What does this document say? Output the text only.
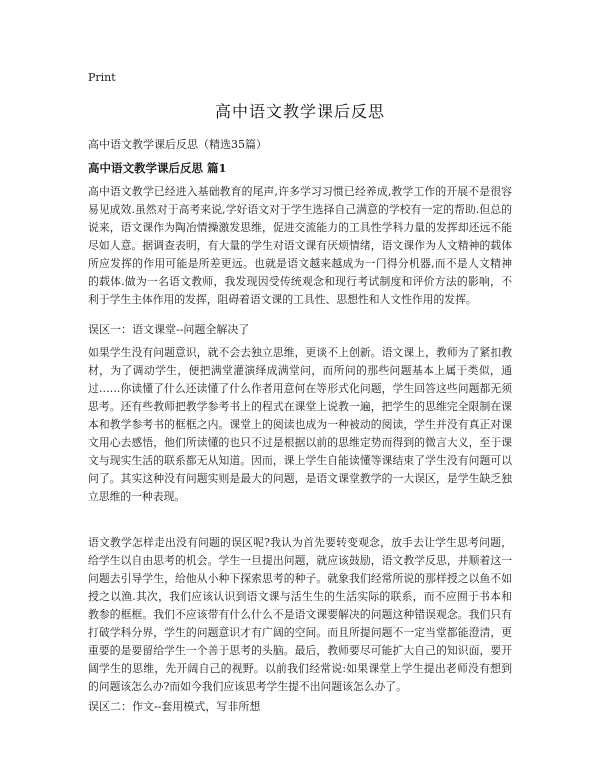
Print
高中语文教学课后反思
高中语文教学课后反思（精选35篇）
高中语文教学课后反思 篇1

高中语文教学已经进入基础教育的尾声,许多学习习惯已经养成,教学工作的开展不是很容易见成效.虽然对于高考来说,学好语文对于学生选择自己满意的学校有一定的帮助.但总的说来，语文课作为陶冶情操激发思维，促进交流能力的工具性学科力量的发挥却还远不能尽如人意。据调查表明，有大量的学生对语文课有厌烦情绪，语文课作为人文精神的载体所应发挥的作用可能是所差更远。也就是语文越来越成为一门得分机器,而不是人文精神的载体.做为一名语文教师，我发现因受传统观念和现行考试制度和评价方法的影响，不利于学生主体作用的发挥，阻碍着语文课的工具性、思想性和人文性作用的发挥。

误区一：语文课堂--问题全解决了

如果学生没有问题意识，就不会去独立思维，更谈不上创新。语文课上，教师为了紧扣教材，为了调动学生，便把满堂灌演绎成满堂问，而所问的那些问题基本上属于类似，通过……你读懂了什么还读懂了什么作者用意何在等形式化问题，学生回答这些问题都无须思考。还有些教师把教学参考书上的程式在课堂上说教一遍，把学生的思维完全限制在课本和教学参考书的框框之内。课堂上的阅读也成为一种被动的阅读，学生并没有真正对课文用心去感悟，他们所读懂的也只不过是根据以前的思维定势而得到的微言大义，至于课文与现实生活的联系都无从知道。因而，课上学生自能读懂等课结束了学生没有问题可以问了。其实这种没有问题实则是最大的问题，是语文课堂教学的一大误区，是学生缺乏独立思维的一种表现。

语文教学怎样走出没有问题的误区呢?我认为首先要转变观念，放手去让学生思考问题，给学生以自由思考的机会。学生一旦提出问题，就应该鼓励，语文教学反思，并顺着这一问题去引导学生，给他从小种下探索思考的种子。就象我们经常所说的那样授之以鱼不如授之以渔.其次，我们应该认识到语文课与活生生的生活实际的联系，而不应囿于书本和教参的框框。我们不应该带有什么什么不是语文课要解决的问题这种错误观念。我们只有打破学科分界，学生的问题意识才有广阔的空间。而且所提问题不一定当堂都能澄清，更重要的是要留给学生一个善于思考的头脑。最后，教师要尽可能扩大自己的知识面，要开阔学生的思维，先开阔自己的视野。以前我们经常说:如果课堂上学生提出老师没有想到的问题该怎么办?而如今我们应该思考学生提不出问题该怎么办了。

误区二：作文--套用模式，写非所想
